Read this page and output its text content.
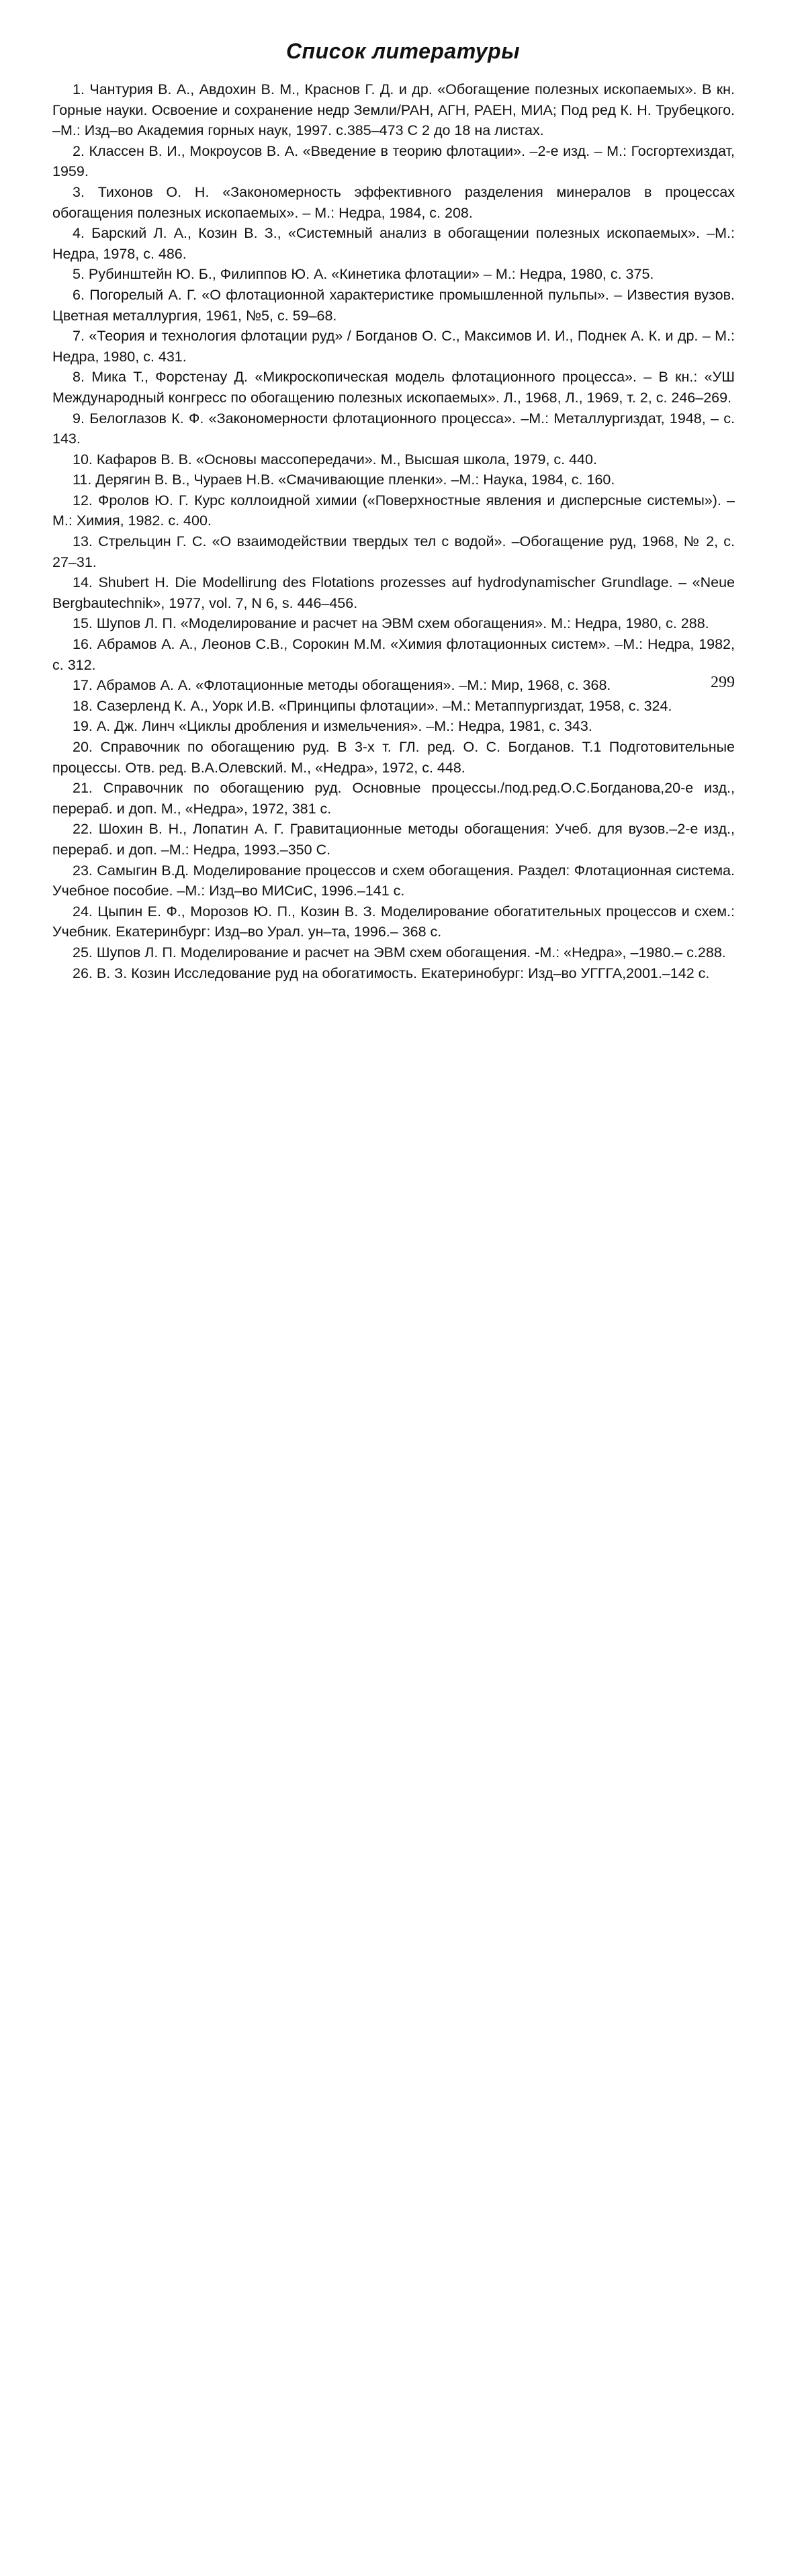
Список литературы
1. Чантурия В. А., Авдохин В. М., Краснов Г. Д. и др. «Обогащение полезных ископаемых». В кн. Горные науки. Освоение и сохранение недр Земли/РАН, АГН, РАЕН, МИА; Под ред К. Н. Трубецкого. –М.: Изд–во Академия горных наук, 1997. с.385–473 С 2 до 18 на листах.
2. Классен В. И., Мокроусов В. А. «Введение в теорию флотации». –2-е изд. – М.: Госгортехиздат, 1959.
3. Тихонов О. Н. «Закономерность эффективного разделения минералов в процессах обогащения полезных ископаемых». – М.: Недра, 1984, с. 208.
4. Барский Л. А., Козин В. З., «Системный анализ в обогащении полезных ископаемых». –М.: Недра, 1978, с. 486.
5. Рубинштейн Ю. Б., Филиппов Ю. А. «Кинетика флотации» – М.: Недра, 1980, с. 375.
6. Погорелый А. Г. «О флотационной характеристике промышленной пульпы». – Известия вузов. Цветная металлургия, 1961, №5, с. 59–68.
7. «Теория и технология флотации руд» / Богданов О. С., Максимов И. И., Поднек А. К. и др. – М.: Недра, 1980, с. 431.
8. Мика Т., Форстенау Д. «Микроскопическая модель флотационного процесса». – В кн.: «УШ Международный конгресс по обогащению полезных ископаемых». Л., 1968, Л., 1969, т. 2, с. 246–269.
9. Белоглазов К. Ф. «Закономерности флотационного процесса». –М.: Металлургиздат, 1948, – с. 143.
10. Кафаров В. В. «Основы массопередачи». М., Высшая школа, 1979, с. 440.
11. Дерягин В. В., Чураев Н.В. «Смачивающие пленки». –М.: Наука, 1984, с. 160.
12. Фролов Ю. Г. Курс коллоидной химии («Поверхностные явления и дисперсные системы»). – М.: Химия, 1982. с. 400.
13. Стрельцин Г. С. «О взаимодействии твердых тел с водой». –Обогащение руд, 1968, № 2, с. 27–31.
14. Shubert H. Die Modellirung des Flotations prozesses auf hydrodynamischer Grundlage. – «Neue Bergbautechnik», 1977, vol. 7, N 6, s. 446–456.
15. Шупов Л. П. «Моделирование и расчет на ЭВМ схем обогащения». М.: Недра, 1980, с. 288.
16. Абрамов А. А., Леонов С.В., Сорокин М.М. «Химия флотационных систем». –М.: Недра, 1982, с. 312.
17. Абрамов А. А. «Флотационные методы обогащения». –М.: Мир, 1968, с. 368.
18. Сазерленд К. А., Уорк И.В. «Принципы флотации». –М.: Метаппургиздат, 1958, с. 324.
19. А. Дж. Линч «Циклы дробления и измельчения». –М.: Недра, 1981, с. 343.
20. Справочник по обогащению руд. В 3-х т. ГЛ. ред. О. С. Богданов. Т.1 Подготовительные процессы. Отв. ред. В.А.Олевский. М., «Недра», 1972, с. 448.
21. Справочник по обогащению руд. Основные процессы./под.ред.О.С.Богданова,20-е изд., перераб. и доп. М., «Недра», 1972, 381 с.
22. Шохин В. Н., Лопатин А. Г. Гравитационные методы обогащения: Учеб. для вузов.–2-е изд., перераб. и доп. –М.: Недра, 1993.–350 С.
23. Самыгин В.Д. Моделирование процессов и схем обогащения. Раздел: Флотационная система. Учебное пособие. –М.: Изд–во МИСиС, 1996.–141 с.
24. Цыпин Е. Ф., Морозов Ю. П., Козин В. З. Моделирование обогатительных процессов и схем.: Учебник. Екатеринбург: Изд–во Урал. ун–та, 1996.– 368 с.
25. Шупов Л. П. Моделирование и расчет на ЭВМ схем обогащения. -М.: «Недра», –1980.– с.288.
26. В. З. Козин Исследование руд на обогатимость. Екатеринобург: Изд–во УГГГА,2001.–142 с.
299
